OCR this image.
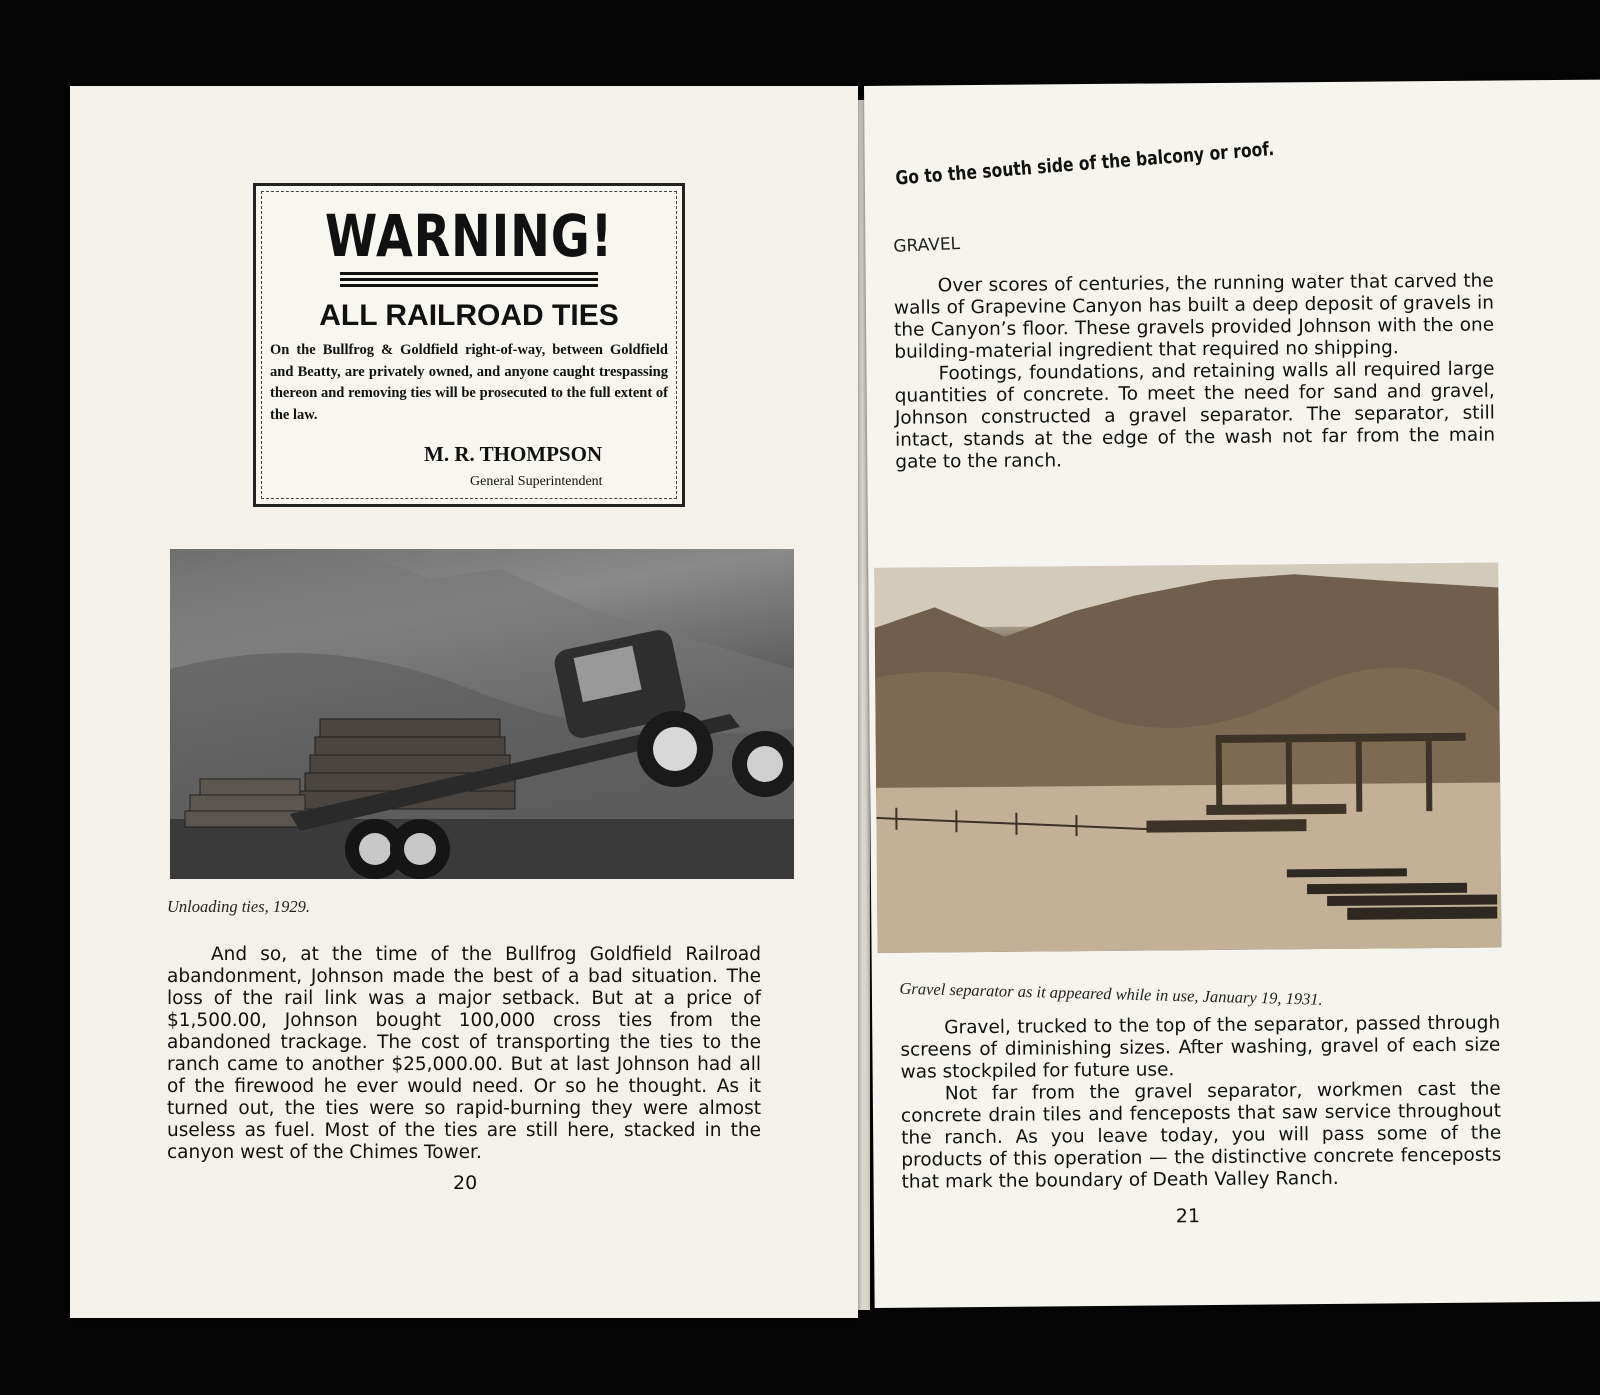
WARNING!
ALL RAILROAD TIES
On the Bullfrog & Goldfield right-of-way, between Goldfield and Beatty, are privately owned, and anyone caught trespassing thereon and removing ties will be prosecuted to the full extent of the law.
M. R. THOMPSON
General Superintendent
Unloading ties, 1929.

And so, at the time of the Bullfrog Goldfield Railroad abandonment, Johnson made the best of a bad situation. The loss of the rail link was a major setback. But at a price of $1,500.00, Johnson bought 100,000 cross ties from the abandoned trackage. The cost of transporting the ties to the ranch came to another $25,000.00. But at last Johnson had all of the firewood he ever would need. Or so he thought. As it turned out, the ties were so rapid-burning they were almost useless as fuel. Most of the ties are still here, stacked in the canyon west of the Chimes Tower.

20
Go to the south side of the balcony or roof.
GRAVEL

Over scores of centuries, the running water that carved the walls of Grapevine Canyon has built a deep deposit of gravels in the Canyon’s floor. These gravels provided Johnson with the one building-material ingredient that required no shipping.

Footings, foundations, and retaining walls all required large quantities of concrete. To meet the need for sand and gravel, Johnson constructed a gravel separator. The separator, still intact, stands at the edge of the wash not far from the main gate to the ranch.

Gravel separator as it appeared while in use, January 19, 1931.

Gravel, trucked to the top of the separator, passed through screens of diminishing sizes. After washing, gravel of each size was stockpiled for future use.

Not far from the gravel separator, workmen cast the concrete drain tiles and fenceposts that saw service throughout the ranch. As you leave today, you will pass some of the products of this operation — the distinctive concrete fenceposts that mark the boundary of Death Valley Ranch.

21
